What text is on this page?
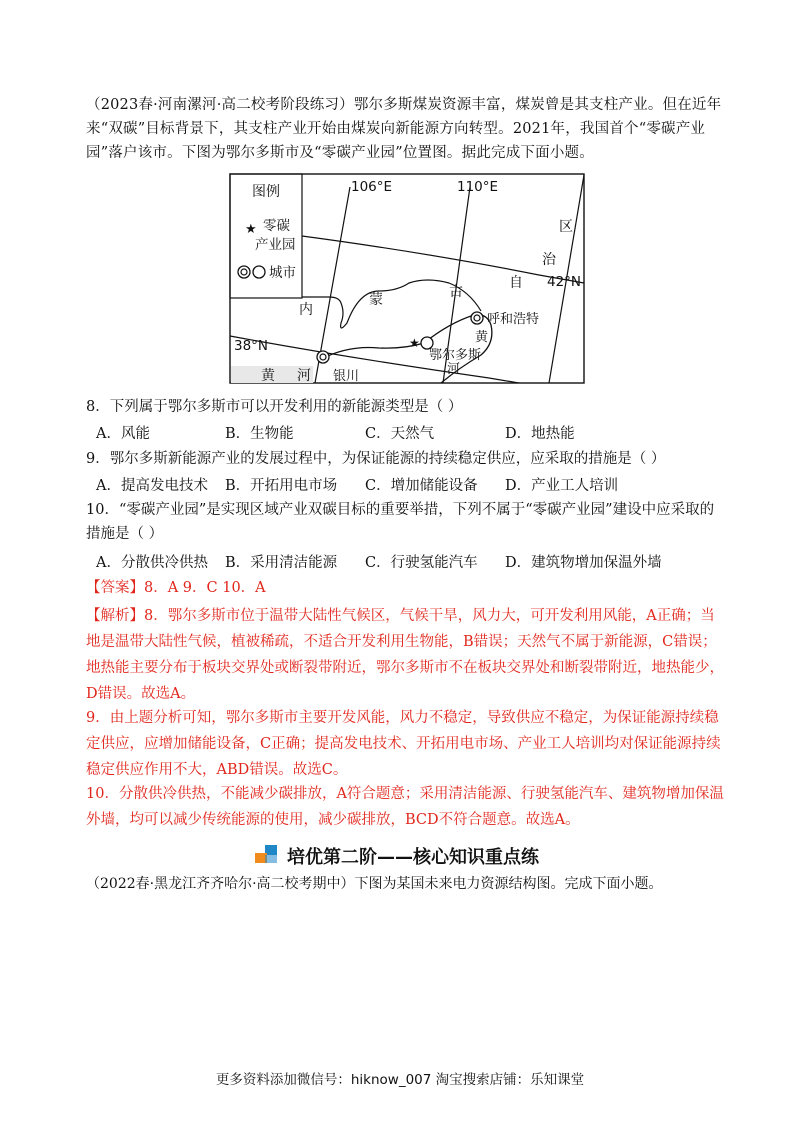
（2023春·河南漯河·高二校考阶段练习）鄂尔多斯煤炭资源丰富，煤炭曾是其支柱产业。但在近年来“双碳”目标背景下，其支柱产业开始由煤炭向新能源方向转型。2021年，我国首个“零碳产业园”落户该市。下图为鄂尔多斯市及“零碳产业园”位置图。据此完成下面小题。

图例
★ 零碳
产业园
城市
106°E	110°E
42°N
38°N
内
蒙	古
自
治
区
黄 河
黄
河
呼和浩特
★
鄂尔多斯
银川
8．下列属于鄂尔多斯市可以开发利用的新能源类型是（ ）
A．风能	B．生物能	C．天然气	D．地热能
9．鄂尔多斯新能源产业的发展过程中，为保证能源的持续稳定供应，应采取的措施是（ ）
A．提高发电技术	B．开拓用电市场	C．增加储能设备	D．产业工人培训
10．“零碳产业园”是实现区域产业双碳目标的重要举措，下列不属于“零碳产业园”建设中应采取的措施是（ ）
A．分散供冷供热	B．采用清洁能源	C．行驶氢能汽车	D．建筑物增加保温外墙
【答案】8．A 9．C 10．A
【解析】8．鄂尔多斯市位于温带大陆性气候区，气候干旱，风力大，可开发利用风能，A正确；当地是温带大陆性气候，植被稀疏，不适合开发利用生物能，B错误；天然气不属于新能源，C错误；地热能主要分布于板块交界处或断裂带附近，鄂尔多斯市不在板块交界处和断裂带附近，地热能少，D错误。故选A。
9．由上题分析可知，鄂尔多斯市主要开发风能，风力不稳定，导致供应不稳定，为保证能源持续稳定供应，应增加储能设备，C正确；提高发电技术、开拓用电市场、产业工人培训均对保证能源持续稳定供应作用不大，ABD错误。故选C。
10．分散供冷供热，不能减少碳排放，A符合题意；采用清洁能源、行驶氢能汽车、建筑物增加保温外墙，均可以减少传统能源的使用，减少碳排放，BCD不符合题意。故选A。
培优第二阶——核心知识重点练
（2022春·黑龙江齐齐哈尔·高二校考期中）下图为某国未来电力资源结构图。完成下面小题。
更多资料添加微信号：hiknow_007 淘宝搜索店铺：乐知课堂
